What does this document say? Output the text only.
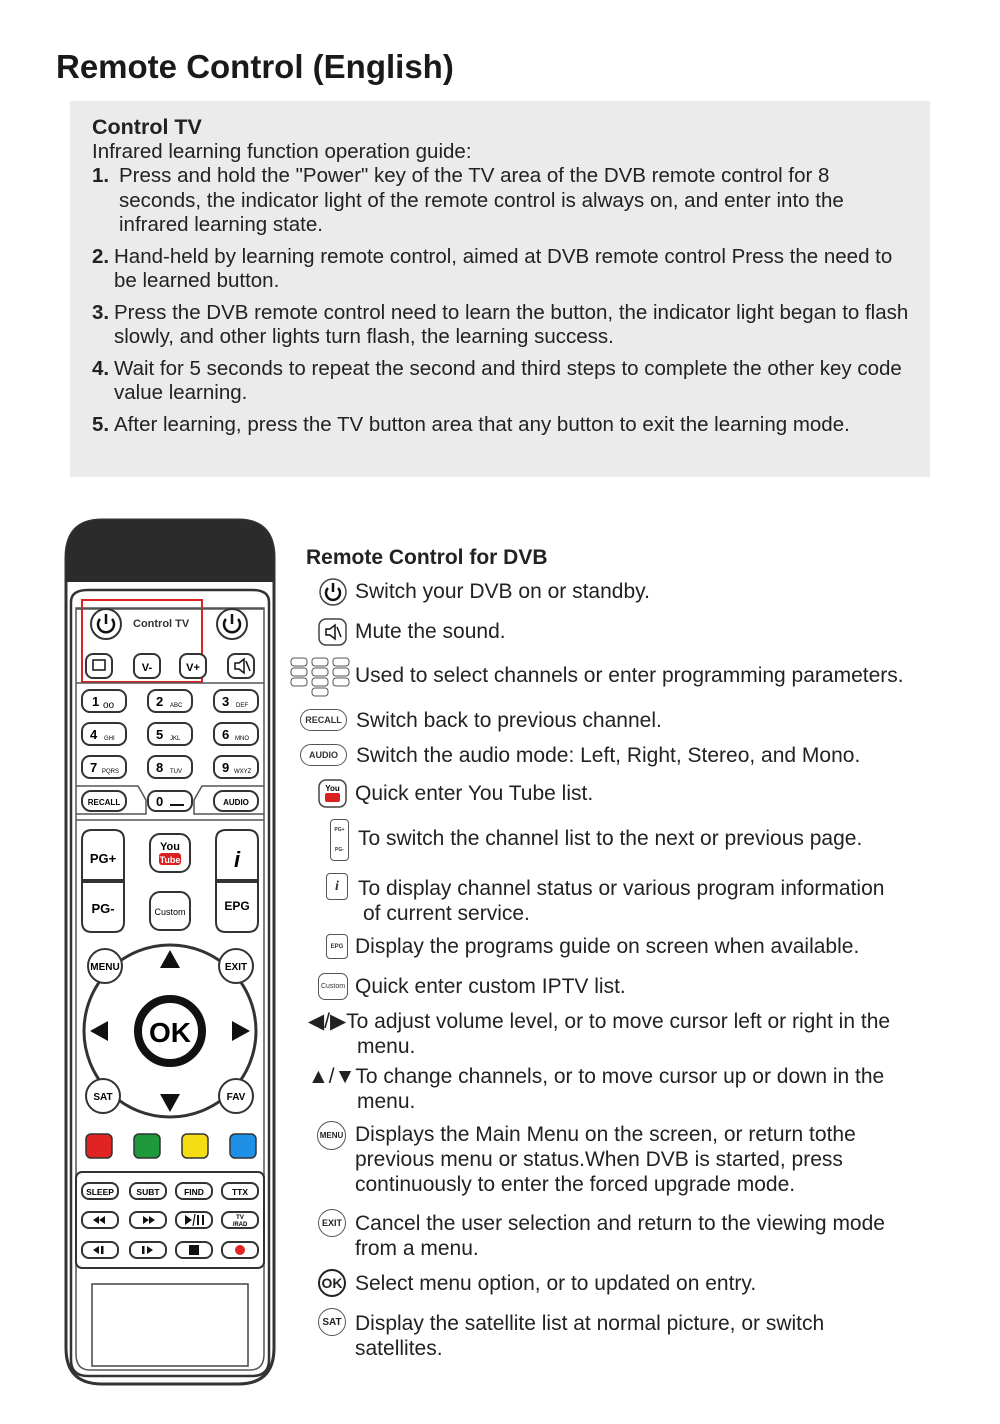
Remote Control (English)
Control TV
Infrared learning function operation guide:
1. Press and hold the "Power" key of the TV area of the DVB remote control for 8 seconds, the indicator light of the remote control is always on, and enter into the infrared learning state.
2. Hand-held by learning remote control, aimed at DVB remote control Press the need to be learned button.
3. Press the DVB remote control need to learn the button, the indicator light began to flash slowly, and other lights turn flash, the learning success.
4. Wait for 5 seconds to repeat the second and third steps to complete the other key code value learning.
5. After learning, press the TV button area that any button to exit the learning mode.
Control TV
V-	V+
1 oo	2 ABC	3 DEF
4 GHI	5 JKL	6 MNO
7 PQRS	8 TUV	9 WXYZ
RECALL	0	AUDIO
PG+
PG-
You
Tube
Custom
i
EPG
OK
MENU	EXIT
SAT	FAV
SLEEP	SUBT	FIND	TTX
TV
/RAD
Remote Control for DVB
Switch your DVB on or standby.
Mute the sound.
Used to select channels or enter programming parameters.
RECALL Switch back to previous channel.
AUDIO Switch the audio mode: Left, Right, Stereo, and Mono.
You Quick enter You Tube list.
PG+
PG- To switch the channel list to the next or previous page.
i To display channel status or various program information
of current service.
EPG Display the programs guide on screen when available.
Custom Quick enter custom IPTV list.
◀/▶To adjust volume level, or to move cursor left or right in the
menu.
▲/▼To change channels, or to move cursor up or down in the
menu.
MENU Displays the Main Menu on the screen, or return tothe
previous menu or status.When DVB is started, press
continuously to enter the forced upgrade mode.
EXIT Cancel the user selection and return to the viewing mode
from a menu.
OK Select menu option, or to updated on entry.
SAT Display the satellite list at normal picture, or switch
satellites.
